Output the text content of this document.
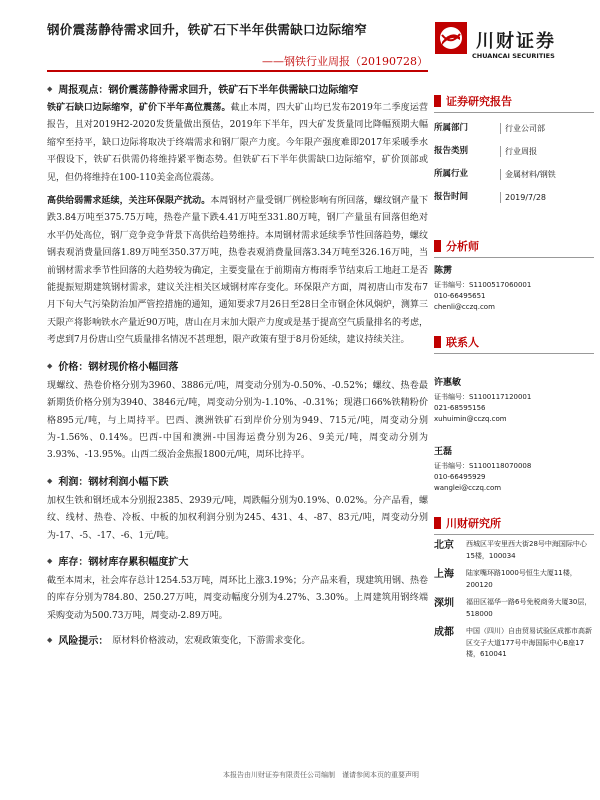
钢价震荡静待需求回升，铁矿石下半年供需缺口边际缩窄
——钢铁行业周报（20190728）
川财证券
CHUANCAI SECURITIES
◆ 周报观点：钢价震荡静待需求回升，铁矿石下半年供需缺口边际缩窄
铁矿石缺口边际缩窄，矿价下半年高位震荡。截止本周，四大矿山均已发布2019年二季度运营报告，且对2019H2-2020发货量做出预估，2019年下半年，四大矿发货量同比降幅预期大幅缩窄至持平，缺口边际将取决于终端需求和钢厂限产力度。今年限产强度难即2017年采暖季水平假设下，铁矿石供需仍将维持紧平衡态势。但铁矿石下半年供需缺口边际缩窄，矿价顶部或见，但仍将维持在100-110美金高位震荡。
高供给弱需求延续，关注环保限产扰动。本周钢材产量受钢厂例检影响有所回落，螺纹钢产量下跌3.84万吨至375.75万吨，热卷产量下跌4.41万吨至331.80万吨，钢厂产量虽有回落但绝对水平仍处高位，钢厂竞争竞争背景下高供给趋势维持。本周钢材需求延续季节性回落趋势，螺纹钢表观消费量回落1.89万吨至350.37万吨，热卷表观消费量回落3.34万吨至326.16万吨，当前钢材需求季节性回落的大趋势较为确定，主要变量在于前期南方梅雨季节结束后工地赶工是否能提振短期建筑钢材需求，建议关注相关区域钢材库存变化。环保限产方面，周初唐山市发布7月下旬大气污染防治加严管控措施的通知，通知要求7月26日至28日全市钢企休风焖炉，测算三天限产将影响铁水产量近90万吨，唐山在月末加大限产力度或是基于提高空气质量排名的考虑，考虑到7月份唐山空气质量排名情况不甚理想，限产政策有望于8月份延续，建议持续关注。
◆ 价格：钢材现价格小幅回落
现螺纹、热卷价格分别为3960、3886元/吨，周变动分别为-0.50%、-0.52%；螺纹、热卷最新期货价格分别为3940、3846元/吨，周变动分别为-1.10%、-0.31%；现港口66%铁精粉价格895元/吨，与上周持平。巴西、澳洲铁矿石到岸价分别为949、715元/吨，周变动分别为-1.56%、0.14%。巴西-中国和澳洲-中国海运费分别为26、9美元/吨，周变动分别为3.93%、-13.95%。山西二级冶金焦报1800元/吨，周环比持平。
◆ 利润：钢材利润小幅下跌
加权生铁和钢坯成本分别报2385、2939元/吨，周跌幅分别为0.19%、0.02%。分产品看，螺纹、线材、热卷、冷板、中板的加权利润分别为245、431、4、-87、83元/吨，周变动分别为-17、-5、-17、-6、1元/吨。
◆ 库存：钢材库存累积幅度扩大
截至本周末，社会库存总计1254.53万吨，周环比上涨3.19%；分产品来看，现建筑用钢、热卷的库存分别为784.80、250.27万吨，周变动幅度分别为4.27%、3.30%。上周建筑用钢终端采购变动为500.73万吨，周变动-2.89万吨。
◆ 风险提示： 原材料价格波动，宏观政策变化，下游需求变化。
证券研究报告
所属部门	行业公司部
报告类别	行业周报
所属行业	金属材料/钢铁
报告时间	2019/7/28
分析师
陈雳
证书编号：S1100517060001
010-66495651
chenli@cczq.com
联系人
许惠敏
证书编号：S1100117120001
021-68595156
xuhuimin@cczq.com
王磊
证书编号：S1100118070008
010-66495929
wanglei@cczq.com
川财研究所
北京	西城区平安里西大街28号中海国际中心15楼，100034
上海	陆家嘴环路1000号恒生大厦11楼，200120
深圳	福田区福华一路6号免税商务大厦30层，518000
成都	中国（四川）自由贸易试验区成都市高新区交子大道177号中海国际中心B座17楼，610041
本报告由川财证券有限责任公司编制　谨请参阅本页的重要声明
